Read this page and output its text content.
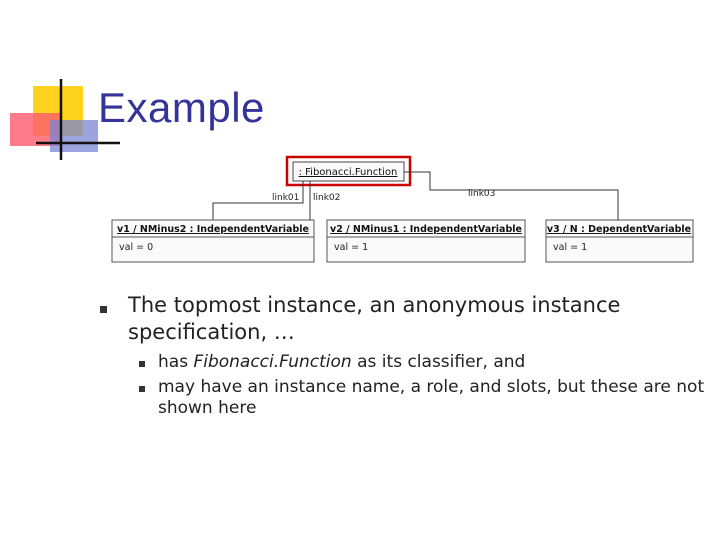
Example
: Fibonacci.Function
link01 link02	link03
v1 / NMinus2 : IndependentVariable
val = 0
v2 / NMinus1 : IndependentVariable
val = 1
v3 / N : DependentVariable
val = 1
The topmost instance, an anonymous instance specification, …
has Fibonacci.Function as its classifier, and
may have an instance name, a role, and slots, but these are not shown here
